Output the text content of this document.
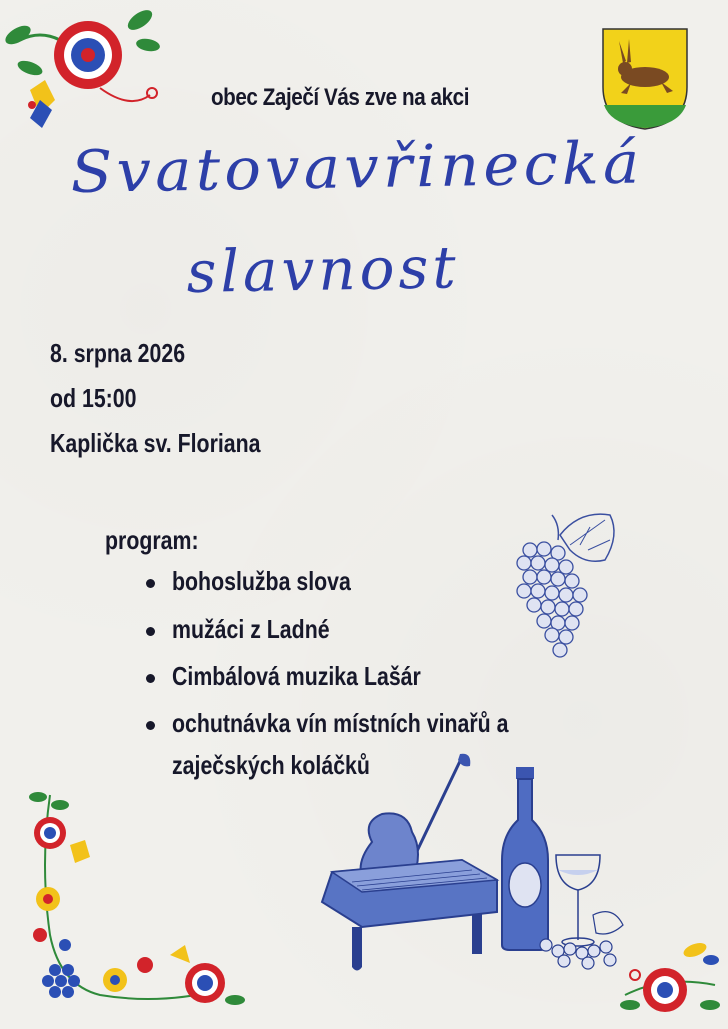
obec Zaječí Vás zve na akci
Svatovavřinecká
slavnost
8. srpna 2026
od 15:00
Kaplička sv. Floriana
program:
bohoslužba slova
mužáci z Ladné
Cimbálová muzika Lašár
ochutnávka vín místních vinařů a
zaječských koláčků
